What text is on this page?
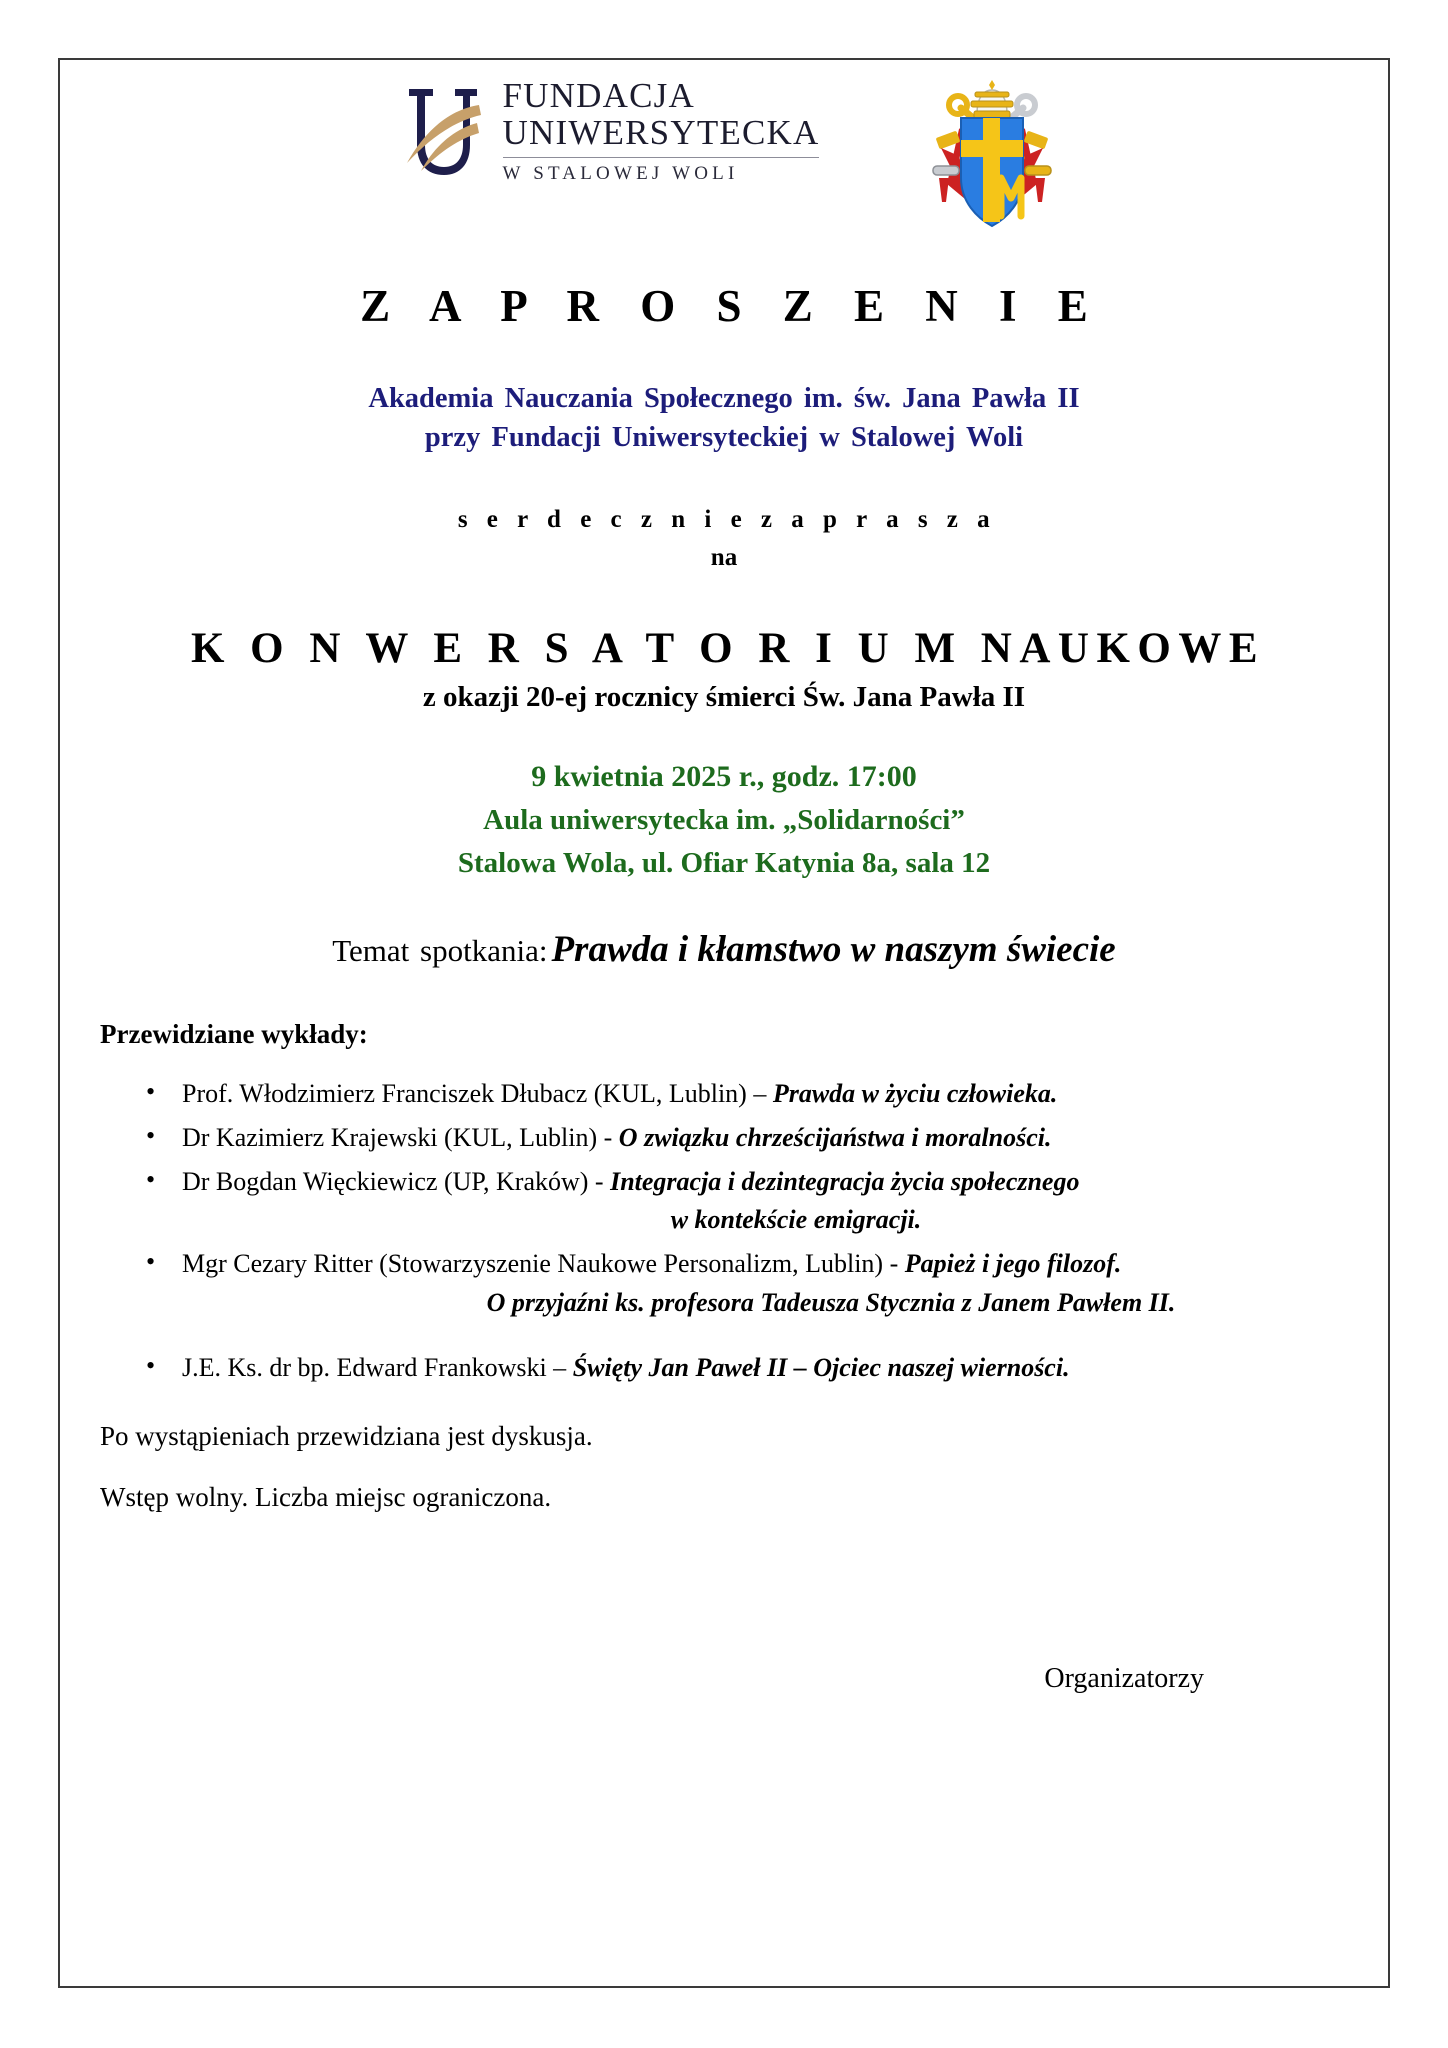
FUNDACJA
UNIWERSYTECKA
W STALOWEJ WOLI
Z A P R O S Z E N I E
Akademia Nauczania Społecznego im. św. Jana Pawła II
przy Fundacji Uniwersyteckiej w Stalowej Woli
s e r d e c z n i e z a p r a s z a
na
K O N W E R S A T O R I U M NAUKOWE
z okazji 20-ej rocznicy śmierci Św. Jana Pawła II
9 kwietnia 2025 r., godz. 17:00
Aula uniwersytecka im. „Solidarności”
Stalowa Wola, ul. Ofiar Katynia 8a, sala 12
Temat spotkania: Prawda i kłamstwo w naszym świecie
Przewidziane wykłady:
• Prof. Włodzimierz Franciszek Dłubacz (KUL, Lublin) – Prawda w życiu człowieka.
• Dr Kazimierz Krajewski (KUL, Lublin) - O związku chrześcijaństwa i moralności.
• Dr Bogdan Więckiewicz (UP, Kraków) - Integracja i dezintegracja życia społecznego
w kontekście emigracji.
• Mgr Cezary Ritter (Stowarzyszenie Naukowe Personalizm, Lublin) - Papież i jego filozof.
O przyjaźni ks. profesora Tadeusza Stycznia z Janem Pawłem II.
• J.E. Ks. dr bp. Edward Frankowski – Święty Jan Paweł II – Ojciec naszej wierności.
Po wystąpieniach przewidziana jest dyskusja.
Wstęp wolny. Liczba miejsc ograniczona.
Organizatorzy
